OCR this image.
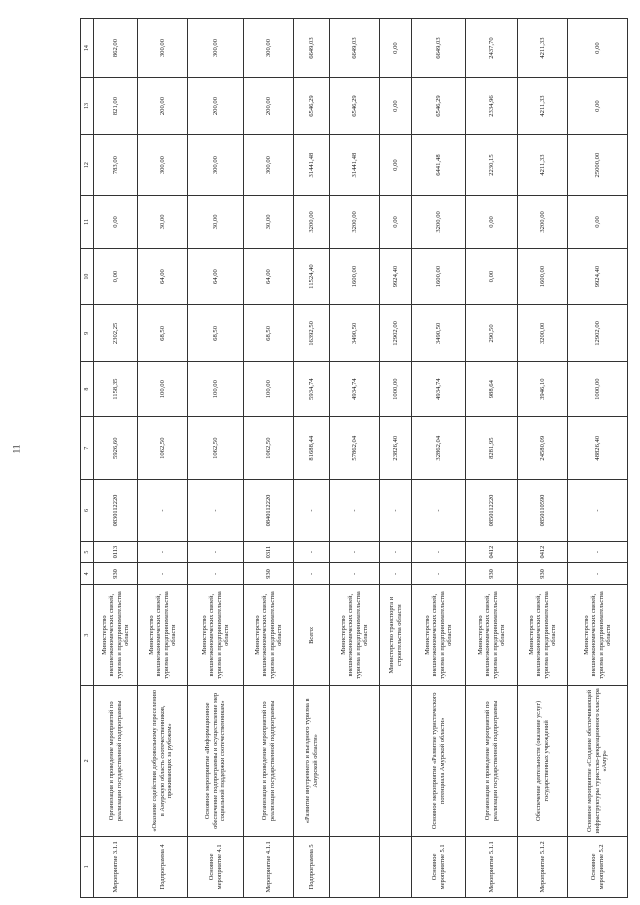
11
1	2	3	4	5	6	7	8	9	10	11	12	13	14
Мероприятие 3.1.1	Организация и проведение мероприятий по реализации государственной подпрограммы	Министерство внешнеэкономических связей, туризма и предпринимательства области	930	0113	0830112220	5926,60	1158,35	2302,25	0,00	0,00	783,00	821,00	862,00
Подпрограмма 4	«Оказание содействия добровольному переселению в Амурскую область соотечественников, проживающих за рубежом»	Министерство внешнеэкономических связей, туризма и предпринимательства области	-	-	-	1062,50	100,00	68,50	64,00	30,00	300,00	200,00	300,00
Основное мероприятие 4.1	Основное мероприятие «Информационное обеспечение подпрограммы и осуществление мер социальной поддержки соотечественникам»	Министерство внешнеэкономических связей, туризма и предпринимательства области	-	-	-	1062,50	100,00	68,50	64,00	30,00	300,00	200,00	300,00
Мероприятие 4.1.1	Организация и проведение мероприятий по реализации государственной подпрограммы	Министерство внешнеэкономических связей, туризма и предпринимательства области	930	0311	0840112220	1062,50	100,00	68,50	64,00	30,00	300,00	200,00	300,00
Подпрограмма 5	«Развитие внутреннего и въездного туризма в Амурской области»	Всего:	-	-	-	81688,44	5934,74	16392,50	11524,40	3200,00	31441,48	6546,29	6649,03
		Министерство внешнеэкономических связей, туризма и предпринимательства области	-	-	-	57862,04	4934,74	3490,50	1600,00	3200,00	31441,48	6546,29	6649,03
		Министерство транспорта и строительства области	-	-	-	23826,40	1000,00	12902,00	9924,40	0,00	0,00	0,00	0,00
Основное мероприятие 5.1	Основное мероприятие «Развитие туристического потенциала Амурской области»	Министерство внешнеэкономических связей, туризма и предпринимательства области	-	-	-	32862,04	4934,74	3490,50	1600,00	3200,00	6441,48	6546,29	6649,03
Мероприятие 5.1.1	Организация и проведение мероприятий по реализации государственной подпрограммы	Министерство внешнеэкономических связей, туризма и предпринимательства области	930	0412	0850112220	8281,95	988,64	290,50	0,00	0,00	2230,15	2334,96	2437,70
Мероприятие 5.1.2	Обеспечение деятельности (оказание услуг) государственных учреждений	Министерство внешнеэкономических связей, туризма и предпринимательства области	930	0412	0850110590	24580,09	3946,10	3200,00	1600,00	3200,00	4211,33	4211,33	4211,33
Основное мероприятие 5.2	Основное мероприятие «Создание обеспечивающей инфраструктуры туристско-рекреационного кластера «Амур»	Министерство внешнеэкономических связей, туризма и предпринимательства области	-	-	-	48826,40	1000,00	12902,00	9924,40	0,00	25000,00	0,00	0,00
